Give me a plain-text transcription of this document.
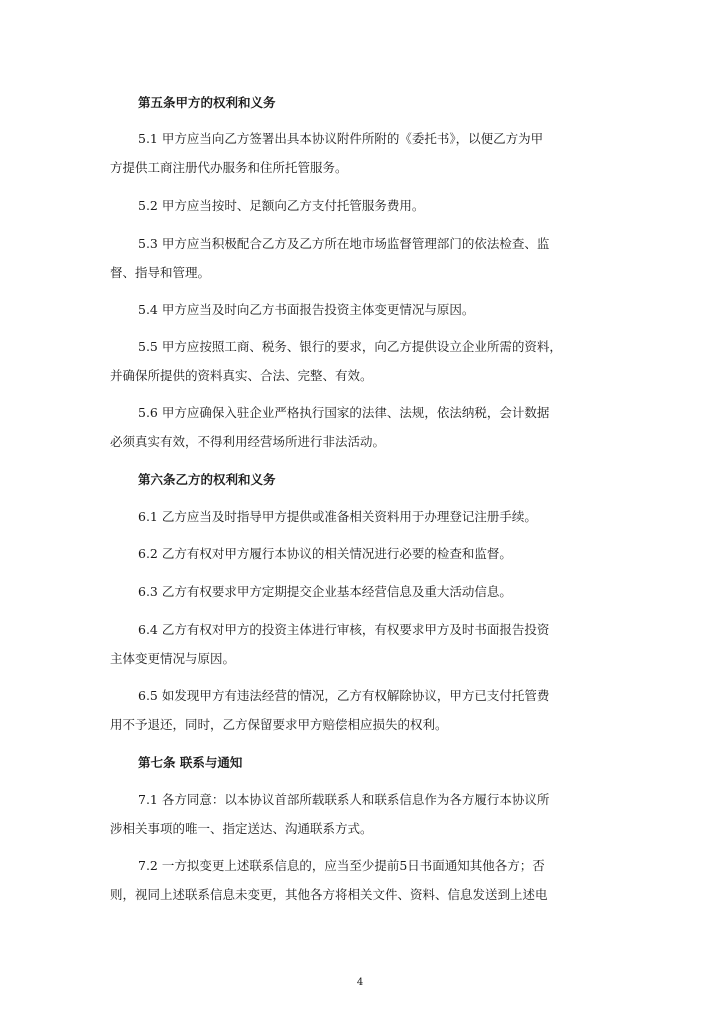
第五条甲方的权利和义务
5.1 甲方应当向乙方签署出具本协议附件所附的《委托书》，以便乙方为甲
方提供工商注册代办服务和住所托管服务。
5.2 甲方应当按时、足额向乙方支付托管服务费用。
5.3 甲方应当积极配合乙方及乙方所在地市场监督管理部门的依法检查、监
督、指导和管理。
5.4 甲方应当及时向乙方书面报告投资主体变更情况与原因。
5.5 甲方应按照工商、税务、银行的要求，向乙方提供设立企业所需的资料，
并确保所提供的资料真实、合法、完整、有效。
5.6 甲方应确保入驻企业严格执行国家的法律、法规，依法纳税，会计数据
必须真实有效，不得利用经营场所进行非法活动。
第六条乙方的权利和义务
6.1 乙方应当及时指导甲方提供或准备相关资料用于办理登记注册手续。
6.2 乙方有权对甲方履行本协议的相关情况进行必要的检查和监督。
6.3 乙方有权要求甲方定期提交企业基本经营信息及重大活动信息。
6.4 乙方有权对甲方的投资主体进行审核，有权要求甲方及时书面报告投资
主体变更情况与原因。
6.5 如发现甲方有违法经营的情况，乙方有权解除协议，甲方已支付托管费
用不予退还，同时，乙方保留要求甲方赔偿相应损失的权利。
第七条 联系与通知
7.1 各方同意：以本协议首部所载联系人和联系信息作为各方履行本协议所
涉相关事项的唯一、指定送达、沟通联系方式。
7.2 一方拟变更上述联系信息的，应当至少提前5日书面通知其他各方；否
则，视同上述联系信息未变更，其他各方将相关文件、资料、信息发送到上述电
4
